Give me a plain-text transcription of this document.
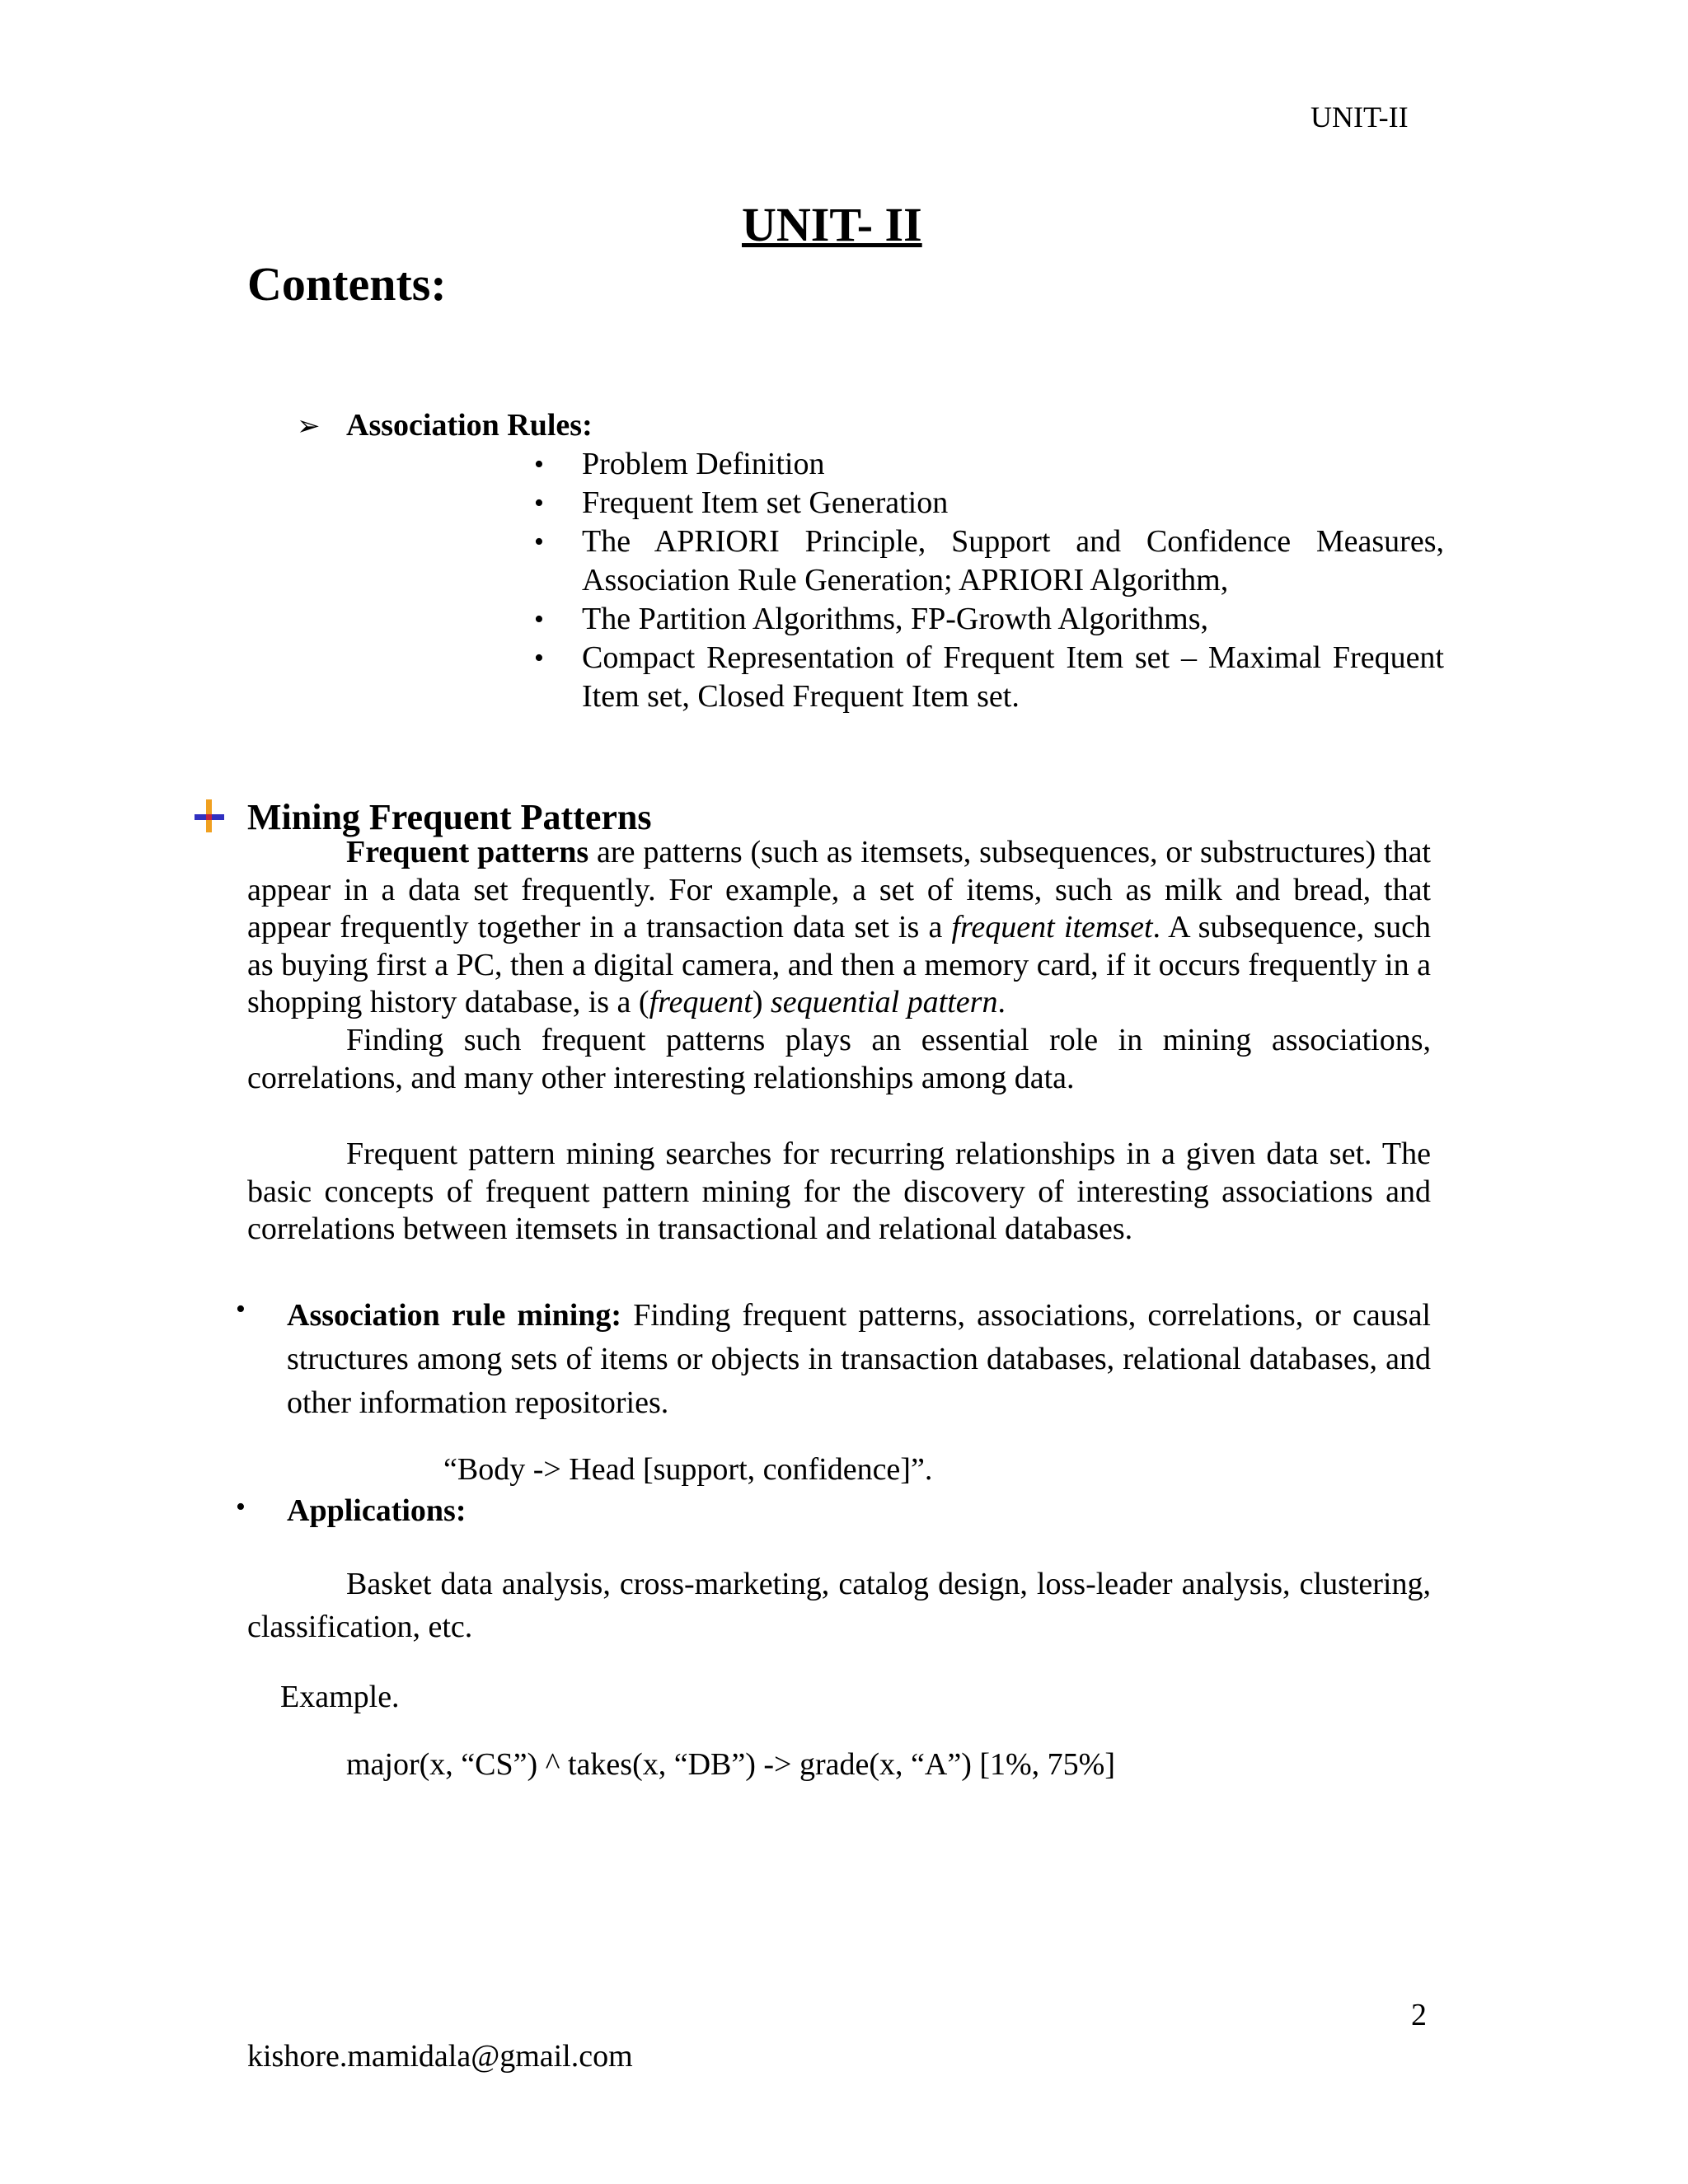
UNIT-II
UNIT- II
Contents:
➢ Association Rules:
• Problem Definition
• Frequent Item set Generation
• The APRIORI Principle, Support and Confidence Measures, Association Rule Generation; APRIORI Algorithm,
• The Partition Algorithms, FP-Growth Algorithms,
• Compact Representation of Frequent Item set – Maximal Frequent Item set, Closed Frequent Item set.
Mining Frequent Patterns

Frequent patterns are patterns (such as itemsets, subsequences, or substructures) that appear in a data set frequently. For example, a set of items, such as milk and bread, that appear frequently together in a transaction data set is a frequent itemset. A subsequence, such as buying first a PC, then a digital camera, and then a memory card, if it occurs frequently in a shopping history database, is a (frequent) sequential pattern.

Finding such frequent patterns plays an essential role in mining associations, correlations, and many other interesting relationships among data.

Frequent pattern mining searches for recurring relationships in a given data set. The basic concepts of frequent pattern mining for the discovery of interesting associations and correlations between itemsets in transactional and relational databases.

• Association rule mining: Finding frequent patterns, associations, correlations, or causal structures among sets of items or objects in transaction databases, relational databases, and other information repositories.
“Body -> Head [support, confidence]”.
• Applications:

Basket data analysis, cross-marketing, catalog design, loss-leader analysis, clustering, classification, etc.

Example.
major(x, “CS”) ^ takes(x, “DB”) -> grade(x, “A”) [1%, 75%]
2
kishore.mamidala@gmail.com
